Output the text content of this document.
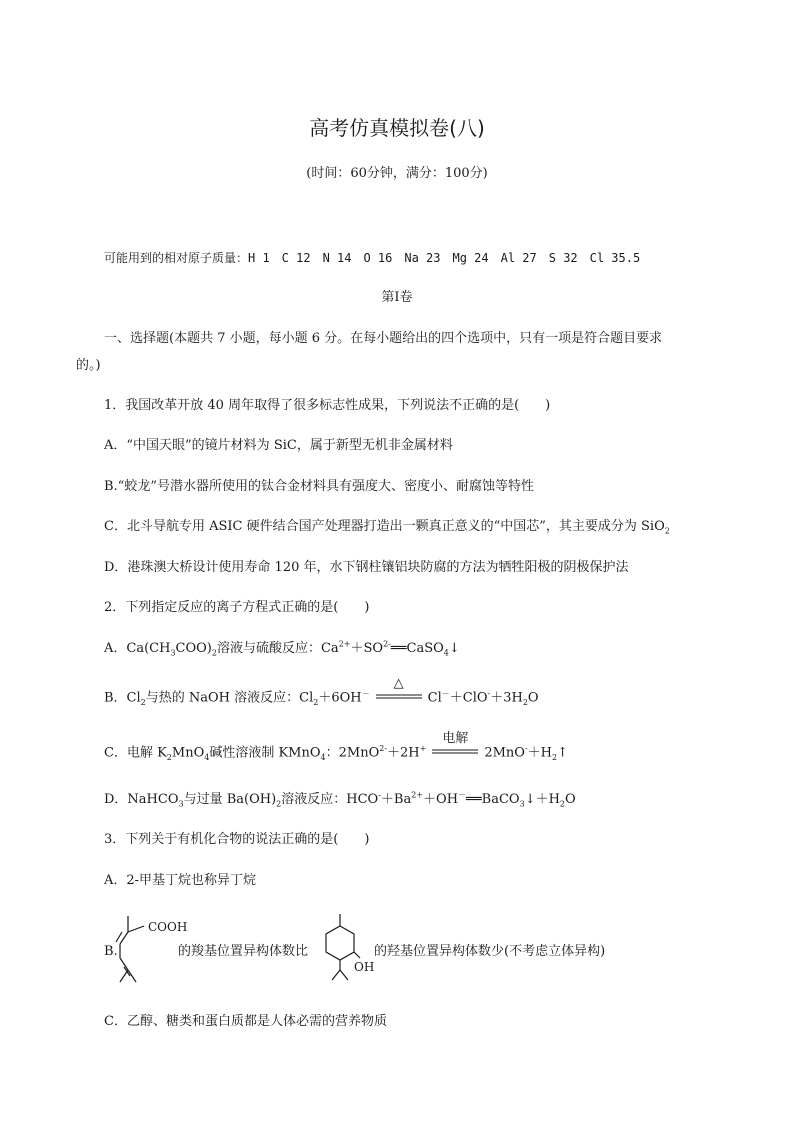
高考仿真模拟卷(八)
(时间：60分钟，满分：100分)
可能用到的相对原子质量：H 1　C 12　N 14　O 16　Na 23　Mg 24　Al 27　S 32　Cl 35.5
第Ⅰ卷
一、选择题(本题共 7 小题，每小题 6 分。在每小题给出的四个选项中，只有一项是符合题目要求
的。)
1．我国改革开放 40 周年取得了很多标志性成果，下列说法不正确的是(　　)
A．“中国天眼”的镜片材料为 SiC，属于新型无机非金属材料
B.“蛟龙”号潜水器所使用的钛合金材料具有强度大、密度小、耐腐蚀等特性
C．北斗导航专用 ASIC 硬件结合国产处理器打造出一颗真正意义的“中国芯”，其主要成分为 SiO$_2$
D．港珠澳大桥设计使用寿命 120 年，水下钢柱镶铝块防腐的方法为牺牲阳极的阴极保护法
2．下列指定反应的离子方程式正确的是(　　)
A．$Ca(CH_3COO)_2$溶液与硫酸反应：$Ca^{2+}+SO^{2-}══CaSO_4↓$
B．$Cl_2$与热的 NaOH 溶液反应：$Cl_2+6OH^-$
△
$Cl^-+ClO^-+3H_2O$
C．电解 $K_2MnO_4$碱性溶液制 KMnO$_4$：2MnO$^{2-}$＋2H+
电解
$2MnO^-+H_2↑$
D．NaHCO$_3$与过量 $Ba(OH)_2$溶液反应：$HCO^-+Ba^{2+}+OH^-══BaCO_3↓+H_2O$
3．下列关于有机化合物的说法正确的是(　　)
A．2-甲基丁烷也称异丁烷
B.
COOH
的羧基位置异构体数比
OH
的羟基位置异构体数少(不考虑立体异构)
C．乙醇、糖类和蛋白质都是人体必需的营养物质
